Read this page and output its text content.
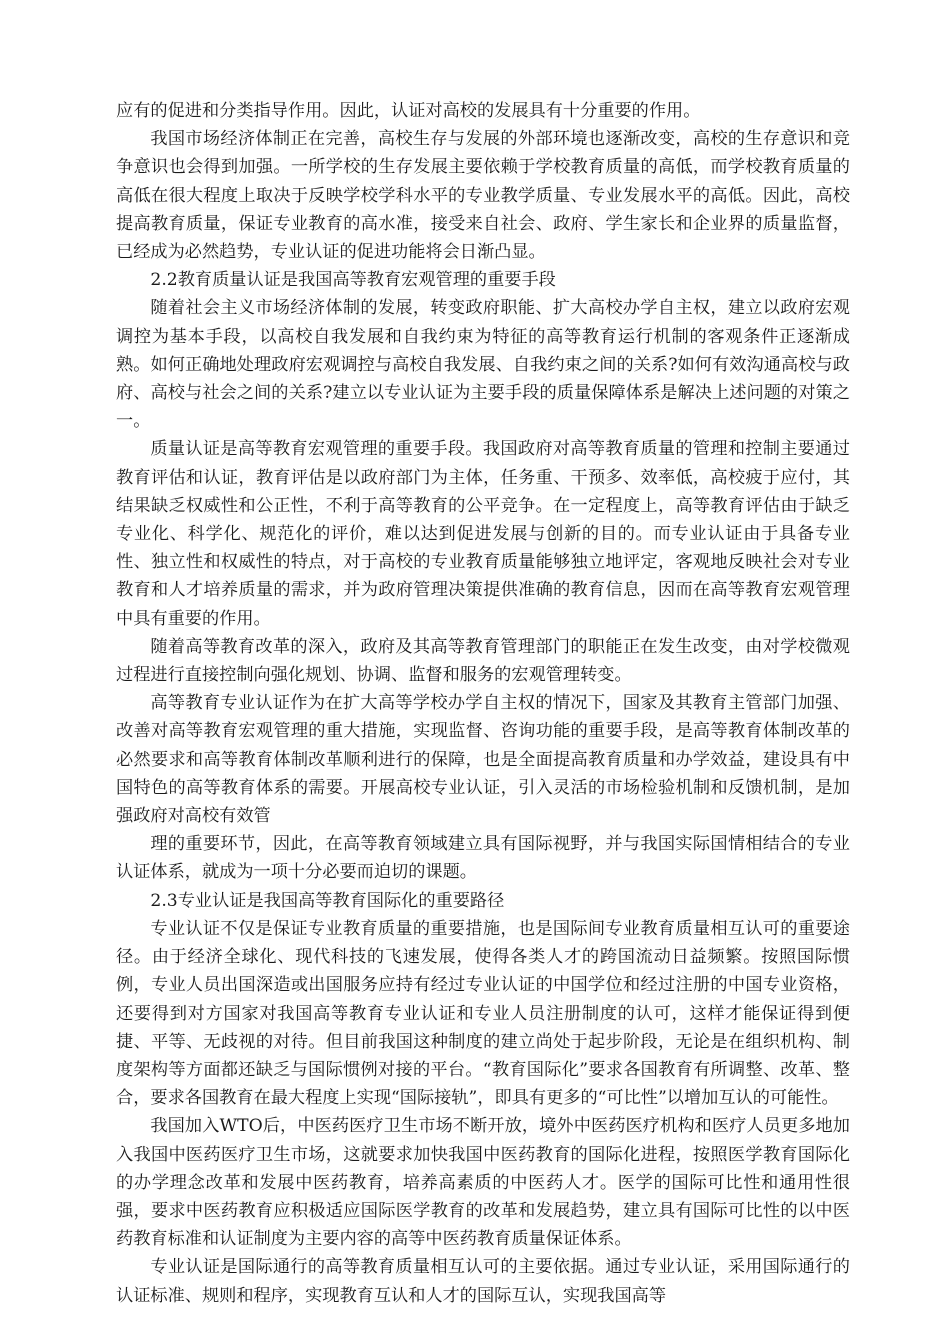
应有的促进和分类指导作用。因此，认证对高校的发展具有十分重要的作用。

我国市场经济体制正在完善，高校生存与发展的外部环境也逐渐改变，高校的生存意识和竞争意识也会得到加强。一所学校的生存发展主要依赖于学校教育质量的高低，而学校教育质量的高低在很大程度上取决于反映学校学科水平的专业教学质量、专业发展水平的高低。因此，高校提高教育质量，保证专业教育的高水准，接受来自社会、政府、学生家长和企业界的质量监督，已经成为必然趋势，专业认证的促进功能将会日渐凸显。

2.2教育质量认证是我国高等教育宏观管理的重要手段

随着社会主义市场经济体制的发展，转变政府职能、扩大高校办学自主权，建立以政府宏观调控为基本手段，以高校自我发展和自我约束为特征的高等教育运行机制的客观条件正逐渐成熟。如何正确地处理政府宏观调控与高校自我发展、自我约束之间的关系?如何有效沟通高校与政府、高校与社会之间的关系?建立以专业认证为主要手段的质量保障体系是解决上述问题的对策之一。

质量认证是高等教育宏观管理的重要手段。我国政府对高等教育质量的管理和控制主要通过教育评估和认证，教育评估是以政府部门为主体，任务重、干预多、效率低，高校疲于应付，其结果缺乏权威性和公正性，不利于高等教育的公平竞争。在一定程度上，高等教育评估由于缺乏专业化、科学化、规范化的评价，难以达到促进发展与创新的目的。而专业认证由于具备专业性、独立性和权威性的特点，对于高校的专业教育质量能够独立地评定，客观地反映社会对专业教育和人才培养质量的需求，并为政府管理决策提供准确的教育信息，因而在高等教育宏观管理中具有重要的作用。

随着高等教育改革的深入，政府及其高等教育管理部门的职能正在发生改变，由对学校微观过程进行直接控制向强化规划、协调、监督和服务的宏观管理转变。

高等教育专业认证作为在扩大高等学校办学自主权的情况下，国家及其教育主管部门加强、改善对高等教育宏观管理的重大措施，实现监督、咨询功能的重要手段，是高等教育体制改革的必然要求和高等教育体制改革顺利进行的保障，也是全面提高教育质量和办学效益，建设具有中国特色的高等教育体系的需要。开展高校专业认证，引入灵活的市场检验机制和反馈机制，是加强政府对高校有效管

理的重要环节，因此，在高等教育领域建立具有国际视野，并与我国实际国情相结合的专业认证体系，就成为一项十分必要而迫切的课题。

2.3专业认证是我国高等教育国际化的重要路径

专业认证不仅是保证专业教育质量的重要措施，也是国际间专业教育质量相互认可的重要途径。由于经济全球化、现代科技的飞速发展，使得各类人才的跨国流动日益频繁。按照国际惯例，专业人员出国深造或出国服务应持有经过专业认证的中国学位和经过注册的中国专业资格，还要得到对方国家对我国高等教育专业认证和专业人员注册制度的认可，这样才能保证得到便捷、平等、无歧视的对待。但目前我国这种制度的建立尚处于起步阶段，无论是在组织机构、制度架构等方面都还缺乏与国际惯例对接的平台。“教育国际化”要求各国教育有所调整、改革、整合，要求各国教育在最大程度上实现“国际接轨”，即具有更多的“可比性”以增加互认的可能性。

我国加入WTO后，中医药医疗卫生市场不断开放，境外中医药医疗机构和医疗人员更多地加入我国中医药医疗卫生市场，这就要求加快我国中医药教育的国际化进程，按照医学教育国际化的办学理念改革和发展中医药教育，培养高素质的中医药人才。医学的国际可比性和通用性很强，要求中医药教育应积极适应国际医学教育的改革和发展趋势，建立具有国际可比性的以中医药教育标准和认证制度为主要内容的高等中医药教育质量保证体系。

专业认证是国际通行的高等教育质量相互认可的主要依据。通过专业认证，采用国际通行的认证标准、规则和程序，实现教育互认和人才的国际互认，实现我国高等
